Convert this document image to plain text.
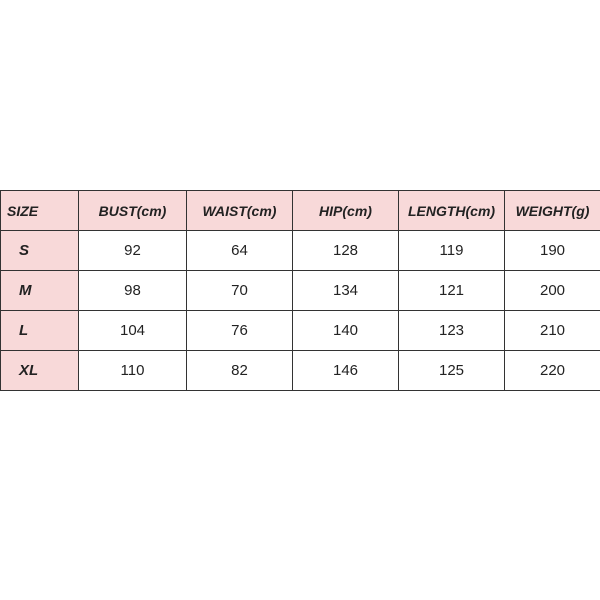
SIZE	BUST(cm)	WAIST(cm)	HIP(cm)	LENGTH(cm)	WEIGHT(g)
S	92	64	128	119	190
M	98	70	134	121	200
L	104	76	140	123	210
XL	110	82	146	125	220
